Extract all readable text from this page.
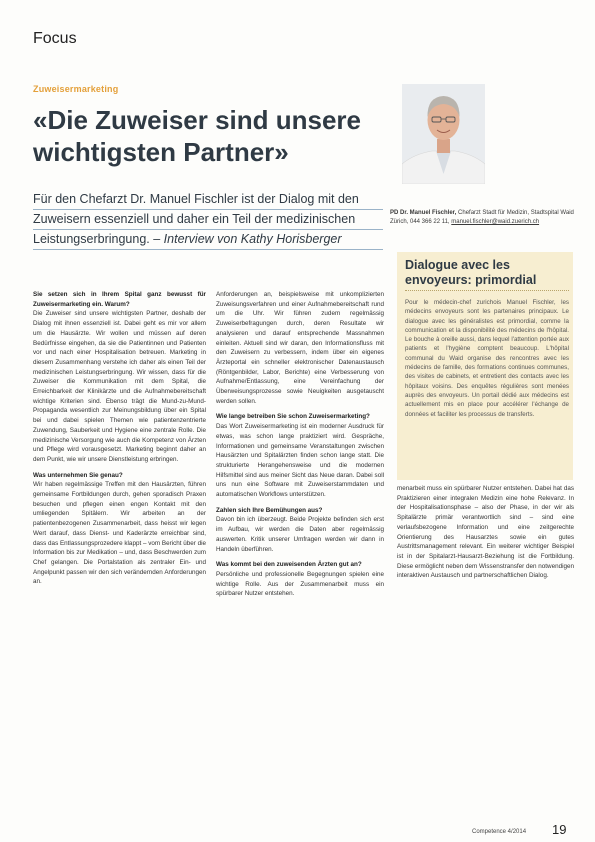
Focus
Zuweisermarketing
«Die Zuweiser sind unsere wichtigsten Partner»

Für den Chefarzt Dr. Manuel Fischler ist der Dialog mit den
Zuweisern essenziell und daher ein Teil der medizinischen
Leistungserbringung. – Interview von Kathy Horisberger

PD Dr. Manuel Fischler, Chefarzt Stadt für Medizin, Stadtspital Waid Zürich, 044 366 22 11, manuel.fischler@waid.zuerich.ch

Dialogue avec les envoyeurs: primordial

Pour le médecin-chef zurichois Manuel Fischler, les médecins envoyeurs sont les partenaires principaux. Le dialogue avec les généralistes est primordial, comme la communication et la disponibilité des médecins de l'hôpital. Le bouche à oreille aussi, dans lequel l'attention portée aux patients et l'hygiène comptent beaucoup. L'hôpital communal du Waid organise des rencontres avec les médecins de famille, des formations continues communes, des visites de cabinets, et entretient des contacts avec les hôpitaux voisins. Des enquêtes régulières sont menées auprès des envoyeurs. Un portail dédié aux médecins est actuellement mis en place pour accélérer l'échange de données et faciliter les processus de transferts.

Sie setzen sich in Ihrem Spital ganz bewusst für Zuweisermarketing ein. Warum?

Die Zuweiser sind unsere wichtigsten Partner, deshalb der Dialog mit ihnen essenziell ist. Dabei geht es mir vor allem um die Hausärzte. Wir wollen und müssen auf deren Bedürfnisse eingehen, da sie die Patientinnen und Patienten vor und nach einer Hospitalisation betreuen. Marketing in diesem Zusammenhang verstehe ich daher als einen Teil der medizinischen Leistungserbringung. Wir wissen, dass für die Zuweiser die Kommunikation mit dem Spital, die Erreichbarkeit der Klinikärzte und die Aufnahmebereitschaft wichtige Kriterien sind. Ebenso trägt die Mund-zu-Mund-Propaganda wesentlich zur Meinungsbildung über ein Spital bei und dabei spielen Themen wie patientenzentrierte Zuwendung, Sauberkeit und Hygiene eine zentrale Rolle. Die medizinische Versorgung wie auch die Kompetenz von Ärzten und Pflege wird vorausgesetzt. Marketing beginnt daher an dem Punkt, wie wir unsere Dienstleistung erbringen.

Was unternehmen Sie genau?

Wir haben regelmässige Treffen mit den Hausärzten, führen gemeinsame Fortbildungen durch, gehen sporadisch Praxen besuchen und pflegen einen engen Kontakt mit den umliegenden Spitälern. Wir arbeiten an der patientenbezogenen Zusammenarbeit, dass heisst wir legen Wert darauf, dass Dienst- und Kaderärzte erreichbar sind, dass das Entlassungsprozedere klappt – vom Bericht über die Information bis zur Medikation – und, dass Beschwerden zum Chef gelangen. Die Portalstation als zentraler Ein- und Angelpunkt passen wir den sich verändernden Anforderungen an.

Anforderungen an, beispielsweise mit unkomplizierten Zuweisungsverfahren und einer Aufnahmebereitschaft rund um die Uhr. Wir führen zudem regelmässig Zuweiserbefragungen durch, deren Resultate wir analysieren und darauf entsprechende Massnahmen einleiten. Aktuell sind wir daran, den Informationsfluss mit den Zuweisern zu verbessern, indem über ein eigenes Ärzteportal ein schneller elektronischer Datenaustausch (Röntgenbilder, Labor, Berichte) eine Verbesserung von Aufnahme/Entlassung, eine Vereinfachung der Überweisungsprozesse sowie Neuigkeiten ausgetauscht werden sollen.

Wie lange betreiben Sie schon Zuweisermarketing?

Das Wort Zuweisermarketing ist ein moderner Ausdruck für etwas, was schon lange praktiziert wird. Gespräche, Informationen und gemeinsame Veranstaltungen zwischen Hausärzten und Spitalärzten finden schon lange statt. Die strukturierte Herangehensweise und die modernen Hilfsmittel sind aus meiner Sicht das Neue daran. Dabei soll uns nun eine Software mit Zuweiserstammdaten und automatischen Workflows unterstützen.

Zahlen sich Ihre Bemühungen aus?

Davon bin ich überzeugt. Beide Projekte befinden sich erst im Aufbau, wir werden die Daten aber regelmässig auswerten. Kritik unserer Umfragen werden wir dann in Handeln überführen.

Was kommt bei den zuweisenden Ärzten gut an?

Persönliche und professionelle Begegnungen spielen eine wichtige Rolle. Aus der Zusammenarbeit muss ein spürbarer Nutzer entstehen.

menarbeit muss ein spürbarer Nutzer entstehen. Dabei hat das Praktizieren einer integralen Medizin eine hohe Relevanz. In der Hospitalisationsphase – also der Phase, in der wir als Spitalärzte primär verantwortlich sind – sind eine verlaufsbezogene Information und eine zeitgerechte Orientierung des Hausarztes sowie ein gutes Austrittsmanagement relevant. Ein weiterer wichtiger Beispiel ist in der Spitalarzt-Hausarzt-Beziehung ist die Fortbildung. Diese ermöglicht neben dem Wissenstransfer den notwendigen interaktiven Austausch und partnerschaftlichen Dialog.

Competence 4/2014 19
